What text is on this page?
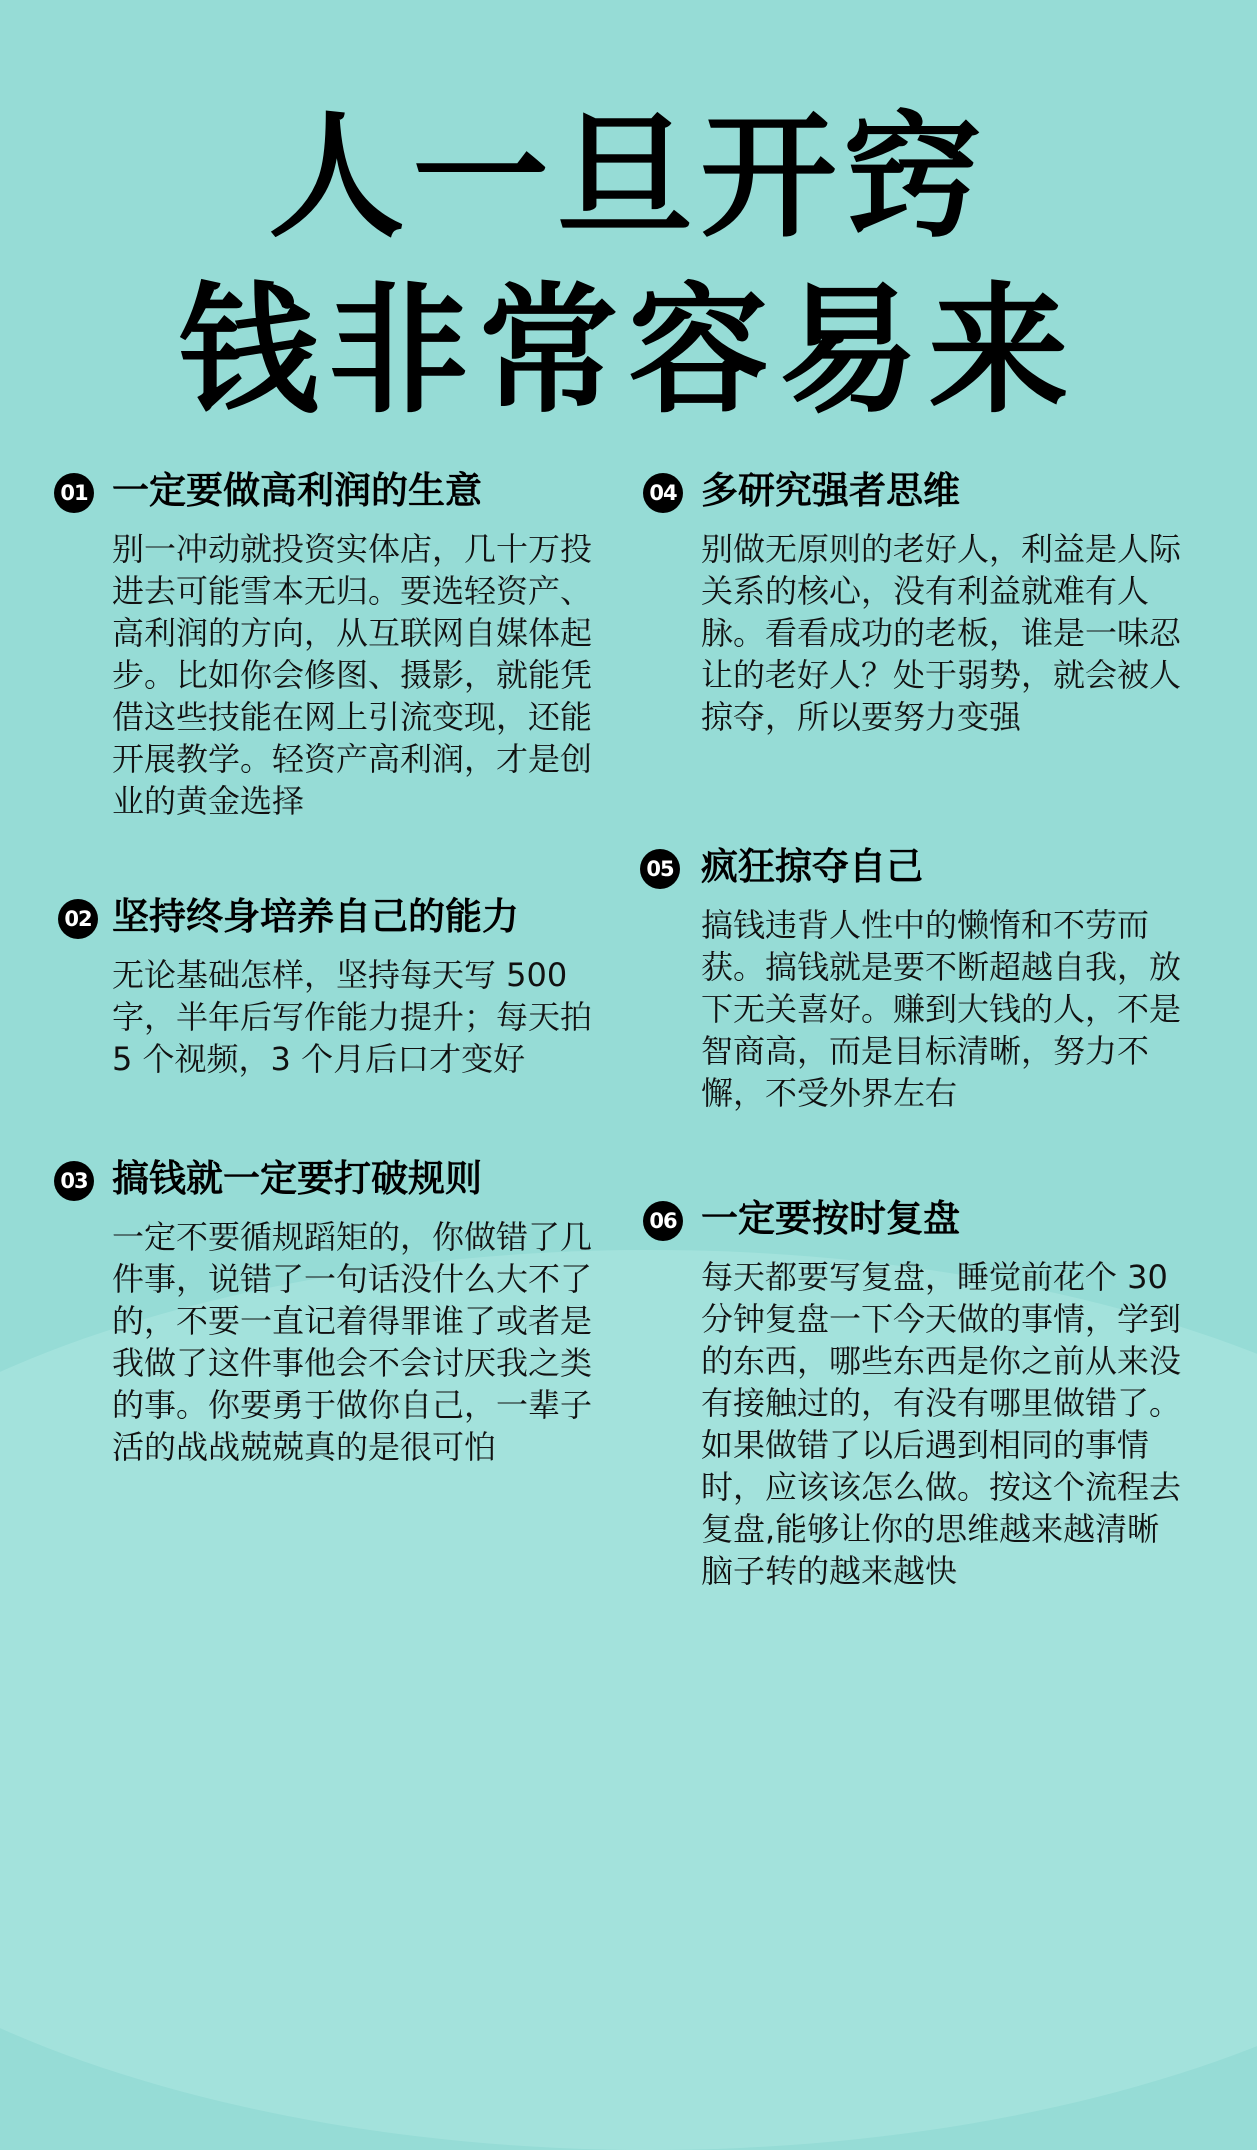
人一旦开窍
钱非常容易来
01 一定要做高利润的生意

别一冲动就投资实体店，几十万投进去可能雪本无归。要选轻资产、高利润的方向，从互联网自媒体起步。比如你会修图、摄影，就能凭借这些技能在网上引流变现，还能开展教学。轻资产高利润，才是创业的黄金选择

02 坚持终身培养自己的能力

无论基础怎样，坚持每天写 500 字，半年后写作能力提升；每天拍 5 个视频，3 个月后口才变好

03 搞钱就一定要打破规则

一定不要循规蹈矩的，你做错了几件事，说错了一句话没什么大不了的，不要一直记着得罪谁了或者是我做了这件事他会不会讨厌我之类的事。你要勇于做你自己，一辈子活的战战兢兢真的是很可怕

04 多研究强者思维

别做无原则的老好人，利益是人际关系的核心，没有利益就难有人脉。看看成功的老板，谁是一味忍让的老好人？处于弱势，就会被人掠夺，所以要努力变强

05 疯狂掠夺自己

搞钱违背人性中的懒惰和不劳而获。搞钱就是要不断超越自我，放下无关喜好。赚到大钱的人，不是智商高，而是目标清晰，努力不懈，不受外界左右

06 一定要按时复盘

每天都要写复盘，睡觉前花个 30 分钟复盘一下今天做的事情，学到的东西，哪些东西是你之前从来没有接触过的，有没有哪里做错了。如果做错了以后遇到相同的事情时，应该该怎么做。按这个流程去复盘,能够让你的思维越来越清晰脑子转的越来越快
